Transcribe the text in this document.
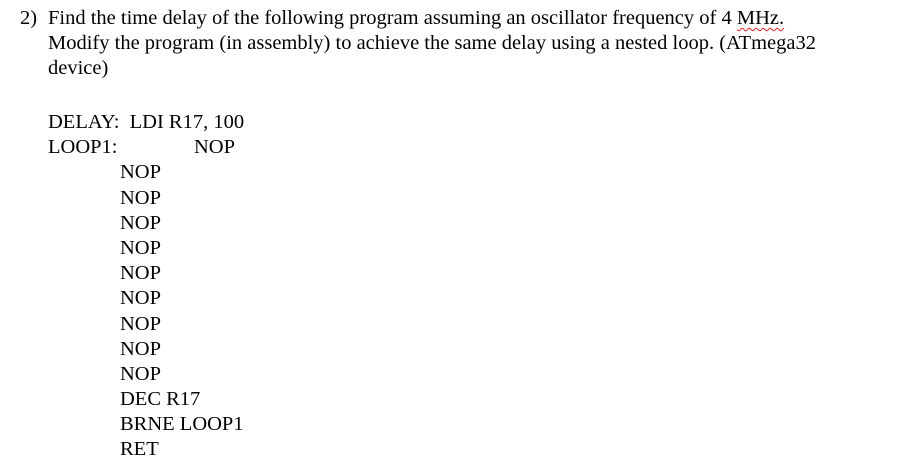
2) Find the time delay of the following program assuming an oscillator frequency of 4 MHz.
Modify the program (in assembly) to achieve the same delay using a nested loop. (ATmega32
device)
DELAY: LDI R17, 100
LOOP1:	NOP
NOP
NOP
NOP
NOP
NOP
NOP
NOP
NOP
NOP
DEC R17
BRNE LOOP1
RET
